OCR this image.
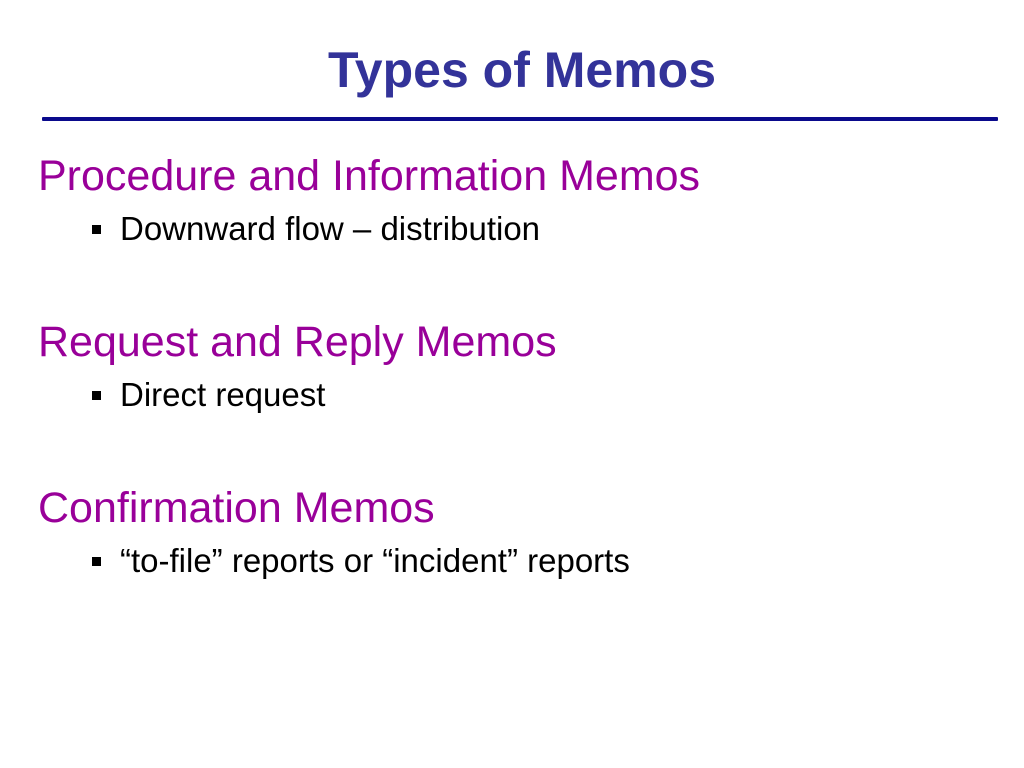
Types of Memos
Procedure and Information Memos
Downward flow – distribution
Request and Reply Memos
Direct request
Confirmation Memos
“to-file” reports or “incident” reports
